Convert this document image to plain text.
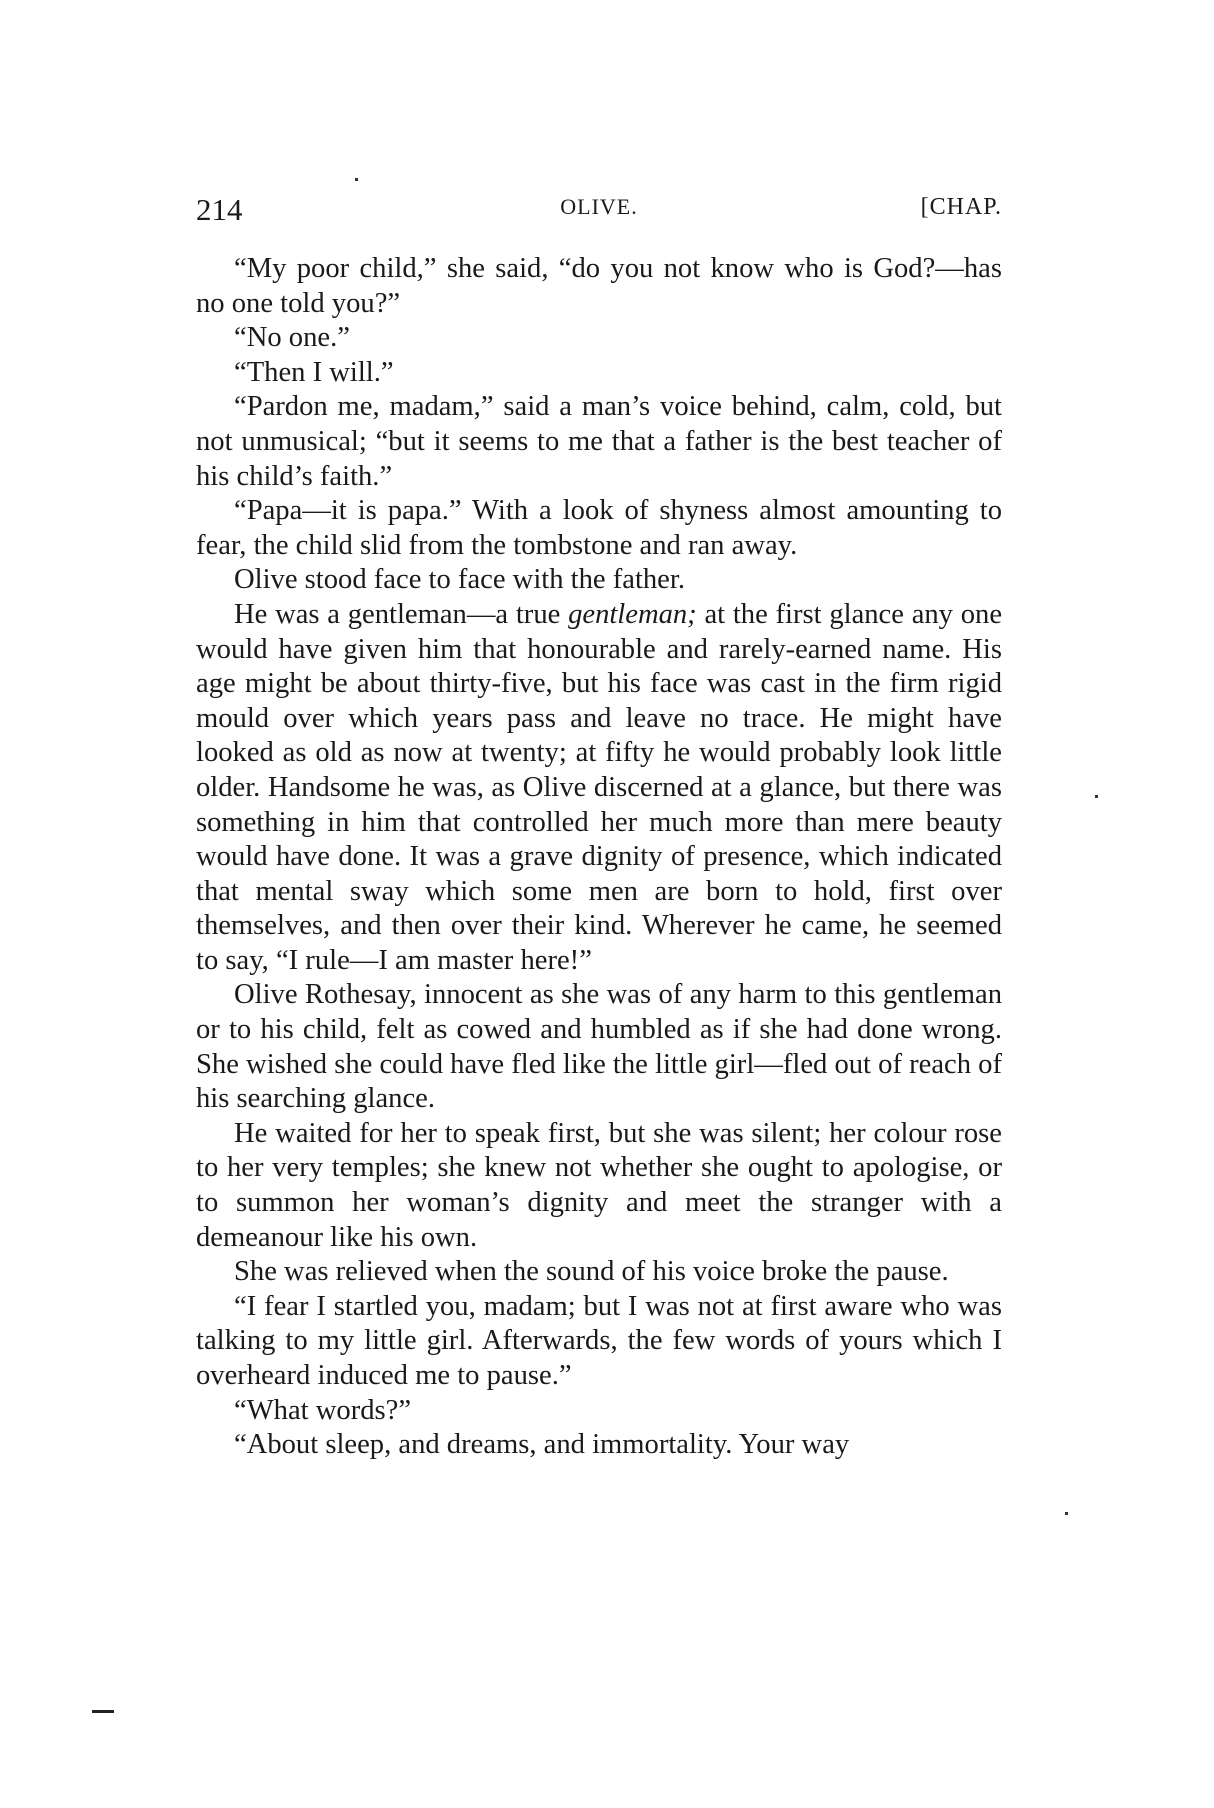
214	OLIVE.	[CHAP.

“My poor child,” she said, “do you not know who is God?—has no one told you?”

“No one.”

“Then I will.”

“Pardon me, madam,” said a man’s voice behind, calm, cold, but not unmusical; “but it seems to me that a father is the best teacher of his child’s faith.”

“Papa—it is papa.” With a look of shyness almost amounting to fear, the child slid from the tombstone and ran away.

Olive stood face to face with the father.

He was a gentleman—a true gentleman; at the first glance any one would have given him that honourable and rarely-earned name. His age might be about thirty-five, but his face was cast in the firm rigid mould over which years pass and leave no trace. He might have looked as old as now at twenty; at fifty he would probably look little older. Handsome he was, as Olive discerned at a glance, but there was something in him that controlled her much more than mere beauty would have done. It was a grave dignity of presence, which indicated that mental sway which some men are born to hold, first over themselves, and then over their kind. Wherever he came, he seemed to say, “I rule—I am master here!”

Olive Rothesay, innocent as she was of any harm to this gentleman or to his child, felt as cowed and humbled as if she had done wrong. She wished she could have fled like the little girl—fled out of reach of his searching glance.

He waited for her to speak first, but she was silent; her colour rose to her very temples; she knew not whether she ought to apologise, or to summon her woman’s dignity and meet the stranger with a demeanour like his own.

She was relieved when the sound of his voice broke the pause.

“I fear I startled you, madam; but I was not at first aware who was talking to my little girl. Afterwards, the few words of yours which I overheard induced me to pause.”

“What words?”

“About sleep, and dreams, and immortality. Your way
